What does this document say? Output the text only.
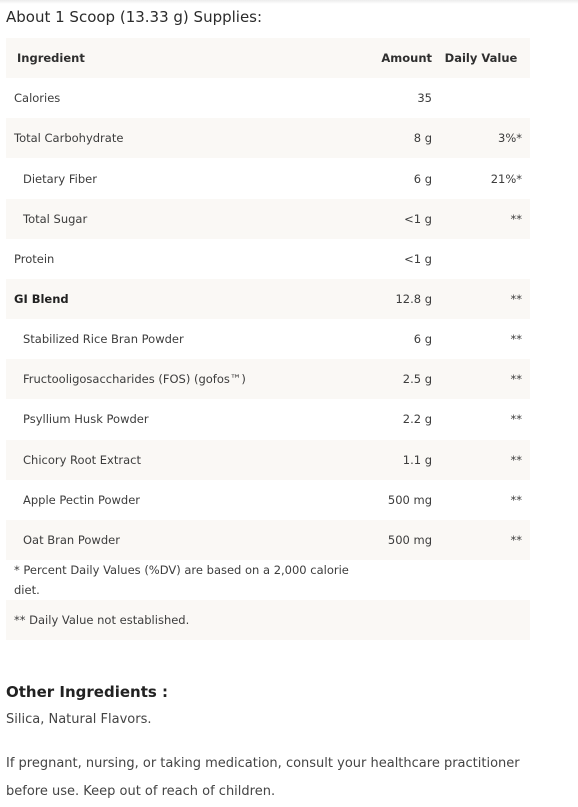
About 1 Scoop (13.33 g) Supplies:
Ingredient	Amount	Daily Value
Calories	35	
Total Carbohydrate	8 g	3%*
Dietary Fiber	6 g	21%*
Total Sugar	<1 g	**
Protein	<1 g	
GI Blend	12.8 g	**
Stabilized Rice Bran Powder	6 g	**
Fructooligosaccharides (FOS) (gofos™)	2.5 g	**
Psyllium Husk Powder	2.2 g	**
Chicory Root Extract	1.1 g	**
Apple Pectin Powder	500 mg	**
Oat Bran Powder	500 mg	**

* Percent Daily Values (%DV) are based on a 2,000 calorie diet.		

** Daily Value not established.		
Other Ingredients :
Silica, Natural Flavors.
If pregnant, nursing, or taking medication, consult your healthcare practitioner before use. Keep out of reach of children.
